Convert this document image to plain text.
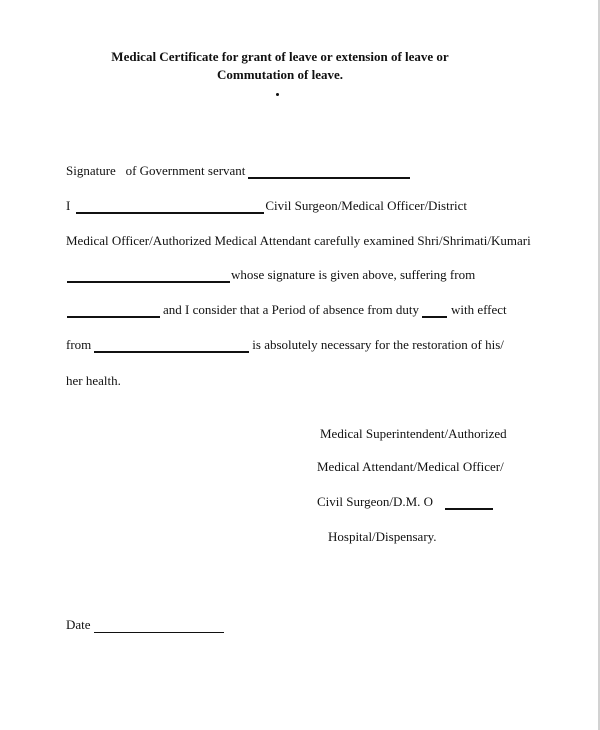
Medical Certificate for grant of leave or extension of leave or
Commutation of leave.
Signature   of Government servant
I	Civil Surgeon/Medical Officer/District
Medical Officer/Authorized Medical Attendant carefully examined Shri/Shrimati/Kumari
whose signature is given above, suffering from
and I consider that a Period of absence from duty with effect
from	is absolutely necessary for the restoration of his/
her health.
Medical Superintendent/Authorized
Medical Attendant/Medical Officer/
Civil Surgeon/D.M. O
Hospital/Dispensary.
Date
